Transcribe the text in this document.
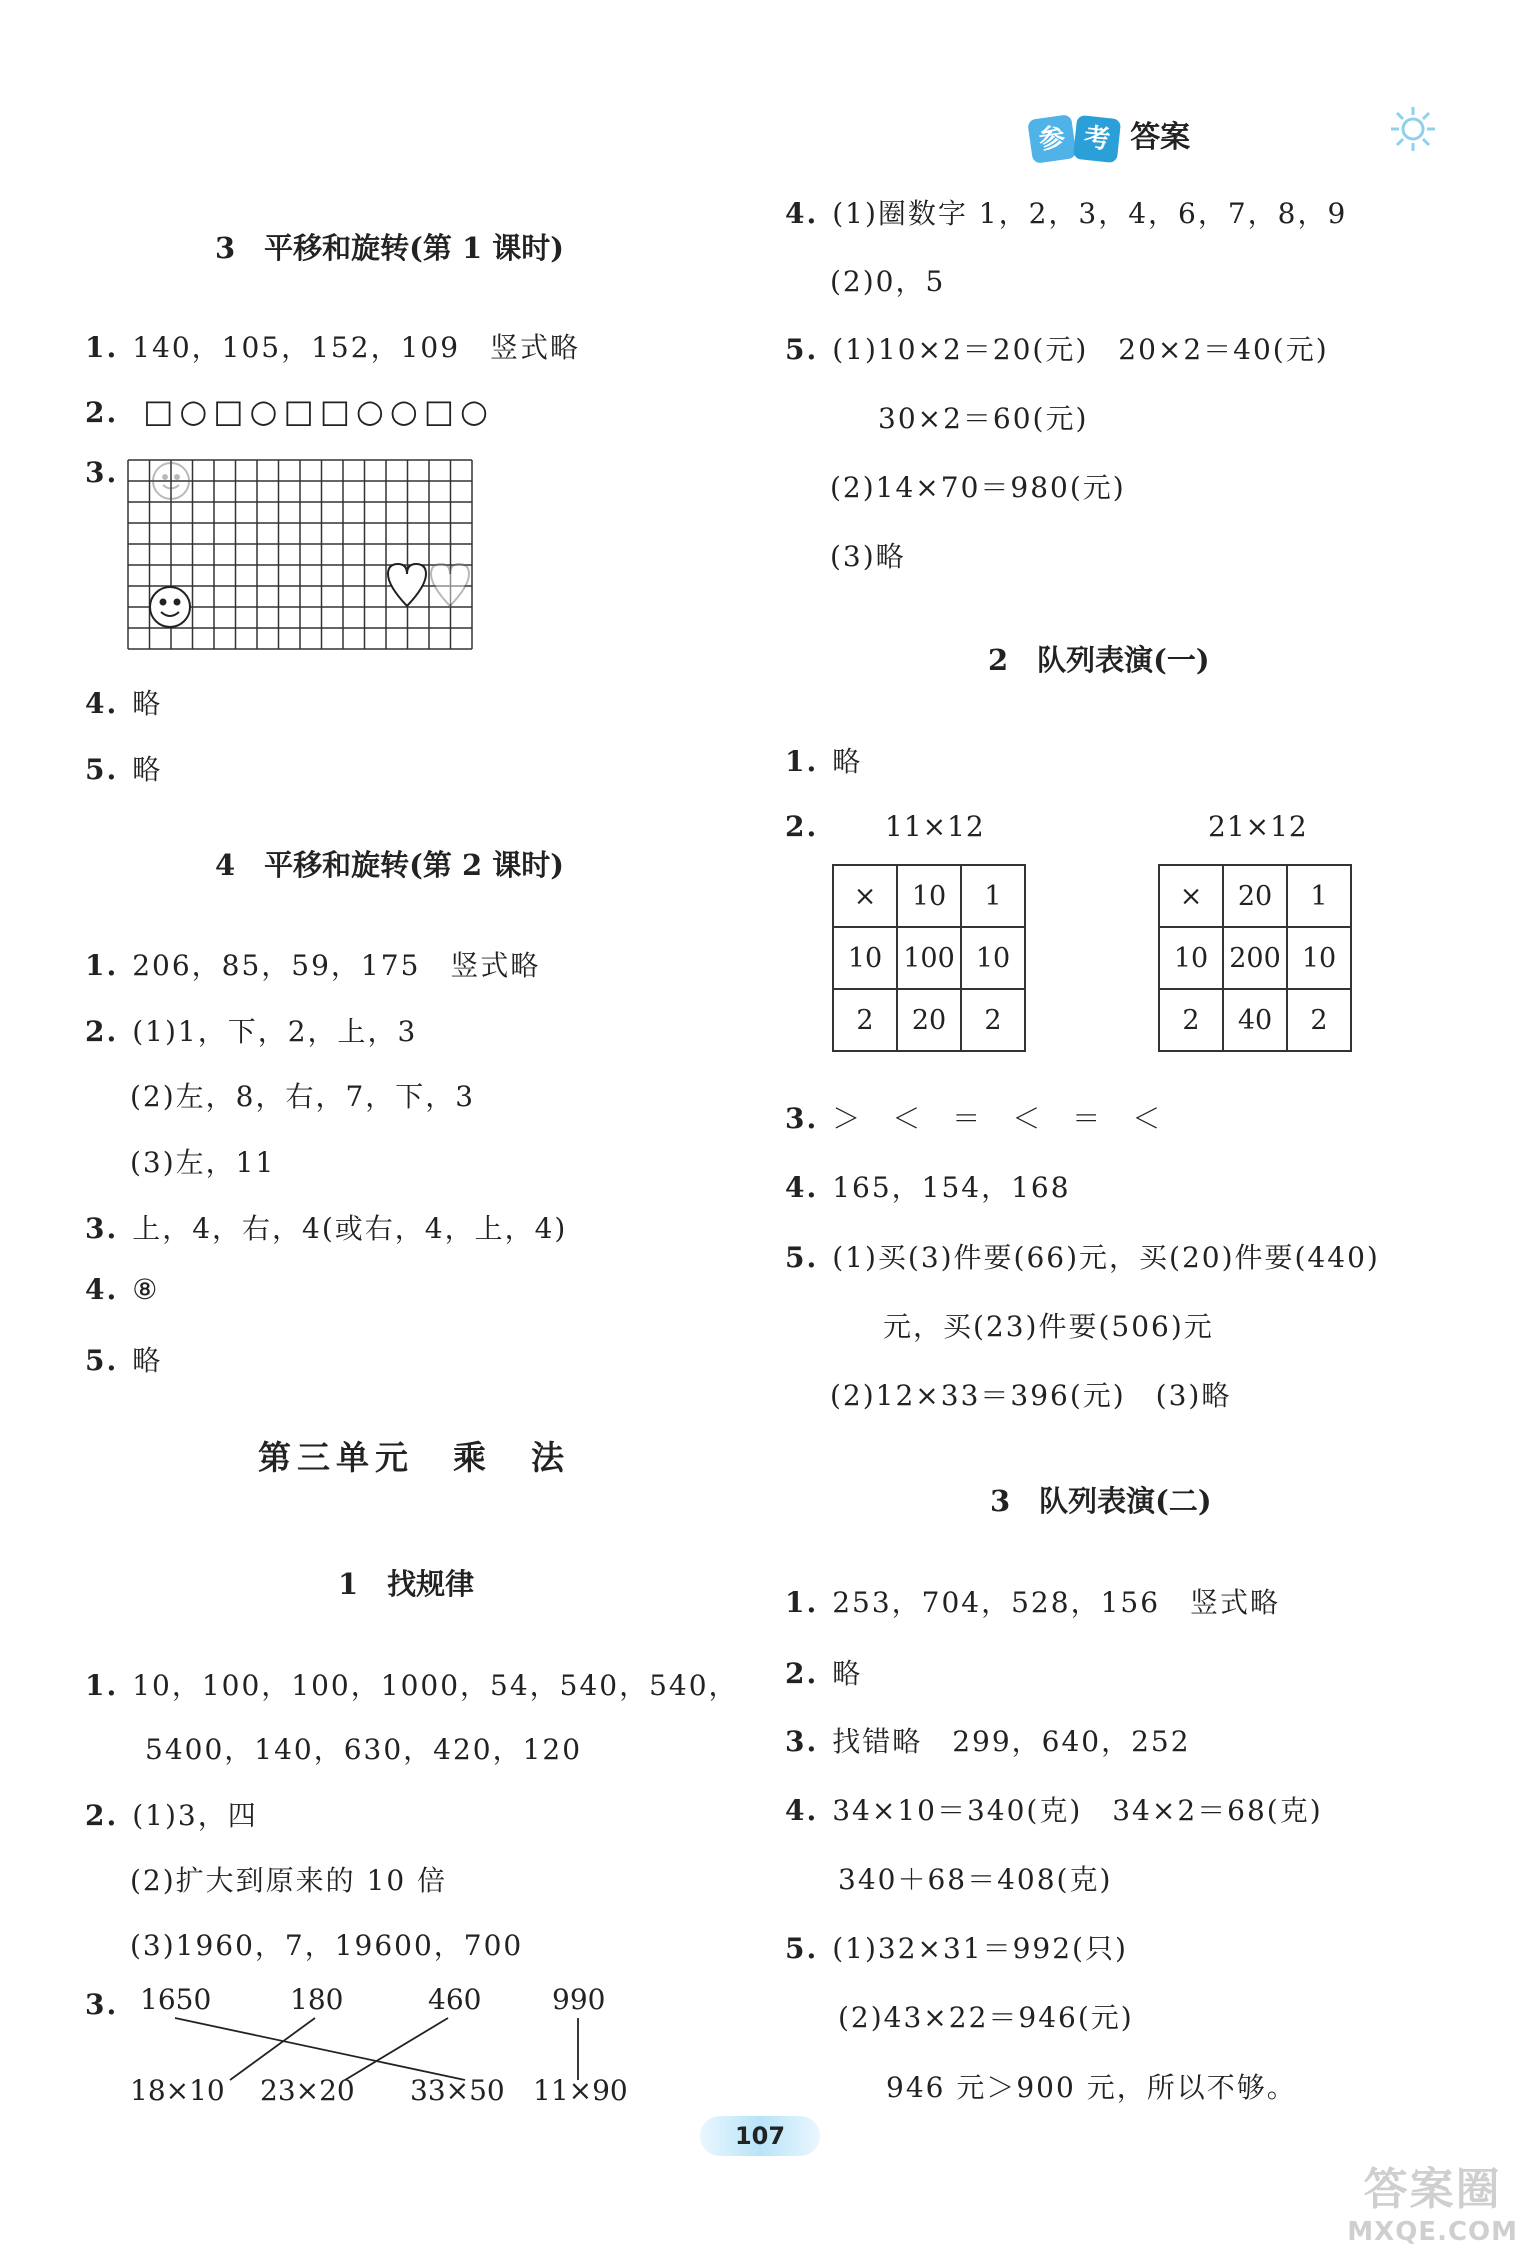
参 考 答案
3　平移和旋转(第 1 课时)
1. 140，105，152，109　竖式略
2. □○□○□□○○□○
3.
4. 略
5. 略
4　平移和旋转(第 2 课时)
1. 206，85，59，175　竖式略
2. (1)1，下，2，上，3
(2)左，8，右，7，下，3
(3)左，11
3. 上，4，右，4(或右，4，上，4)
4. ⑧
5. 略
第三单元　乘　法
1　找规律
1. 10，100，100，1000，54，540，540，
5400，140，630，420，120
2. (1)3，四
(2)扩大到原来的 10 倍
(3)1960，7，19600，700
3. 1650	180	460	990
18×10 23×20 33×50 11×90
4. (1)圈数字 1，2，3，4，6，7，8，9
(2)0，5
5. (1)10×2＝20(元)　20×2＝40(元)
30×2＝60(元)
(2)14×70＝980(元)
(3)略
2　队列表演(一)
1. 略
2.	11×12
×	10	1
10	100	10
2	20	2
21×12
×	20	1
10	200	10
2	40	2
3. ＞　＜　＝　＜　＝　＜
4. 165，154，168
5. (1)买(3)件要(66)元，买(20)件要(440)
元，买(23)件要(506)元
(2)12×33＝396(元)　(3)略
3　队列表演(二)
1. 253，704，528，156　竖式略
2. 略
3. 找错略　299，640，252
4. 34×10＝340(克)　34×2＝68(克)
340＋68＝408(克)
5. (1)32×31＝992(只)
(2)43×22＝946(元)
946 元＞900 元，所以不够。
107
答案圈
MXQE.COM
